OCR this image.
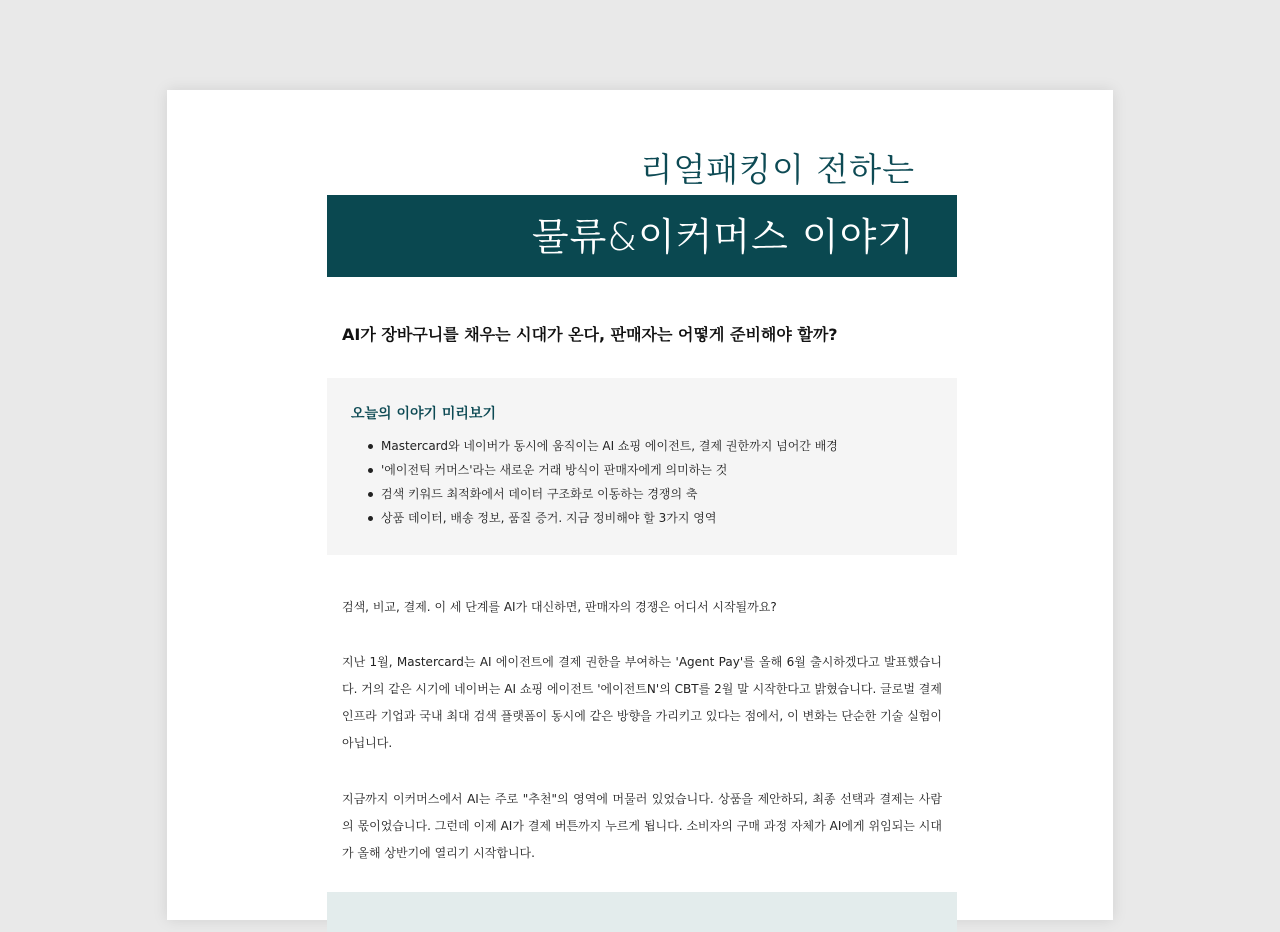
리얼패킹이 전하는
물류&이커머스 이야기
AI가 장바구니를 채우는 시대가 온다, 판매자는 어떻게 준비해야 할까?
오늘의 이야기 미리보기
Mastercard와 네이버가 동시에 움직이는 AI 쇼핑 에이전트, 결제 권한까지 넘어간 배경
'에이전틱 커머스'라는 새로운 거래 방식이 판매자에게 의미하는 것
검색 키워드 최적화에서 데이터 구조화로 이동하는 경쟁의 축
상품 데이터, 배송 정보, 품질 증거. 지금 정비해야 할 3가지 영역

검색, 비교, 결제. 이 세 단계를 AI가 대신하면, 판매자의 경쟁은 어디서 시작될까요?

지난 1월, Mastercard는 AI 에이전트에 결제 권한을 부여하는 'Agent Pay'를 올해 6월 출시하겠다고 발표했습니다. 거의 같은 시기에 네이버는 AI 쇼핑 에이전트 '에이전트N'의 CBT를 2월 말 시작한다고 밝혔습니다. 글로벌 결제 인프라 기업과 국내 최대 검색 플랫폼이 동시에 같은 방향을 가리키고 있다는 점에서, 이 변화는 단순한 기술 실험이 아닙니다.

지금까지 이커머스에서 AI는 주로 "추천"의 영역에 머물러 있었습니다. 상품을 제안하되, 최종 선택과 결제는 사람의 몫이었습니다. 그런데 이제 AI가 결제 버튼까지 누르게 됩니다. 소비자의 구매 과정 자체가 AI에게 위임되는 시대가 올해 상반기에 열리기 시작합니다.
